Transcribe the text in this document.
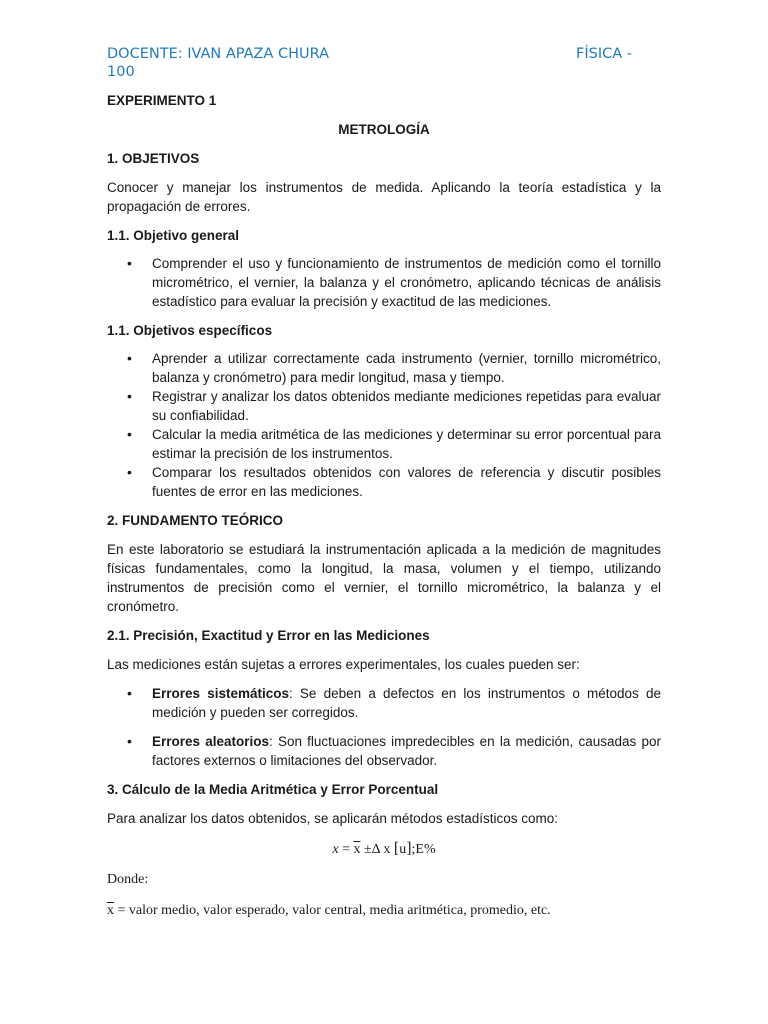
DOCENTE: IVAN APAZA CHURA	FÍSICA -
100

EXPERIMENTO 1

METROLOGÍA

1. OBJETIVOS

Conocer y manejar los instrumentos de medida. Aplicando la teoría estadística y la propagación de errores.

1.1. Objetivo general

• Comprender el uso y funcionamiento de instrumentos de medición como el tornillo micrométrico, el vernier, la balanza y el cronómetro, aplicando técnicas de análisis estadístico para evaluar la precisión y exactitud de las mediciones.

1.1. Objetivos específicos

• Aprender a utilizar correctamente cada instrumento (vernier, tornillo micrométrico, balanza y cronómetro) para medir longitud, masa y tiempo.
• Registrar y analizar los datos obtenidos mediante mediciones repetidas para evaluar su confiabilidad.
• Calcular la media aritmética de las mediciones y determinar su error porcentual para estimar la precisión de los instrumentos.
• Comparar los resultados obtenidos con valores de referencia y discutir posibles fuentes de error en las mediciones.

2. FUNDAMENTO TEÓRICO

En este laboratorio se estudiará la instrumentación aplicada a la medición de magnitudes físicas fundamentales, como la longitud, la masa, volumen y el tiempo, utilizando instrumentos de precisión como el vernier, el tornillo micrométrico, la balanza y el cronómetro.

2.1. Precisión, Exactitud y Error en las Mediciones

Las mediciones están sujetas a errores experimentales, los cuales pueden ser:

• Errores sistemáticos: Se deben a defectos en los instrumentos o métodos de medición y pueden ser corregidos.
• Errores aleatorios: Son fluctuaciones impredecibles en la medición, causadas por factores externos o limitaciones del observador.

3. Cálculo de la Media Aritmética y Error Porcentual

Para analizar los datos obtenidos, se aplicarán métodos estadísticos como:

$x = \overline{x} \pm\Delta$ x [u];E%

Donde:

$\overline{x}$ = valor medio, valor esperado, valor central, media aritmética, promedio, etc.
